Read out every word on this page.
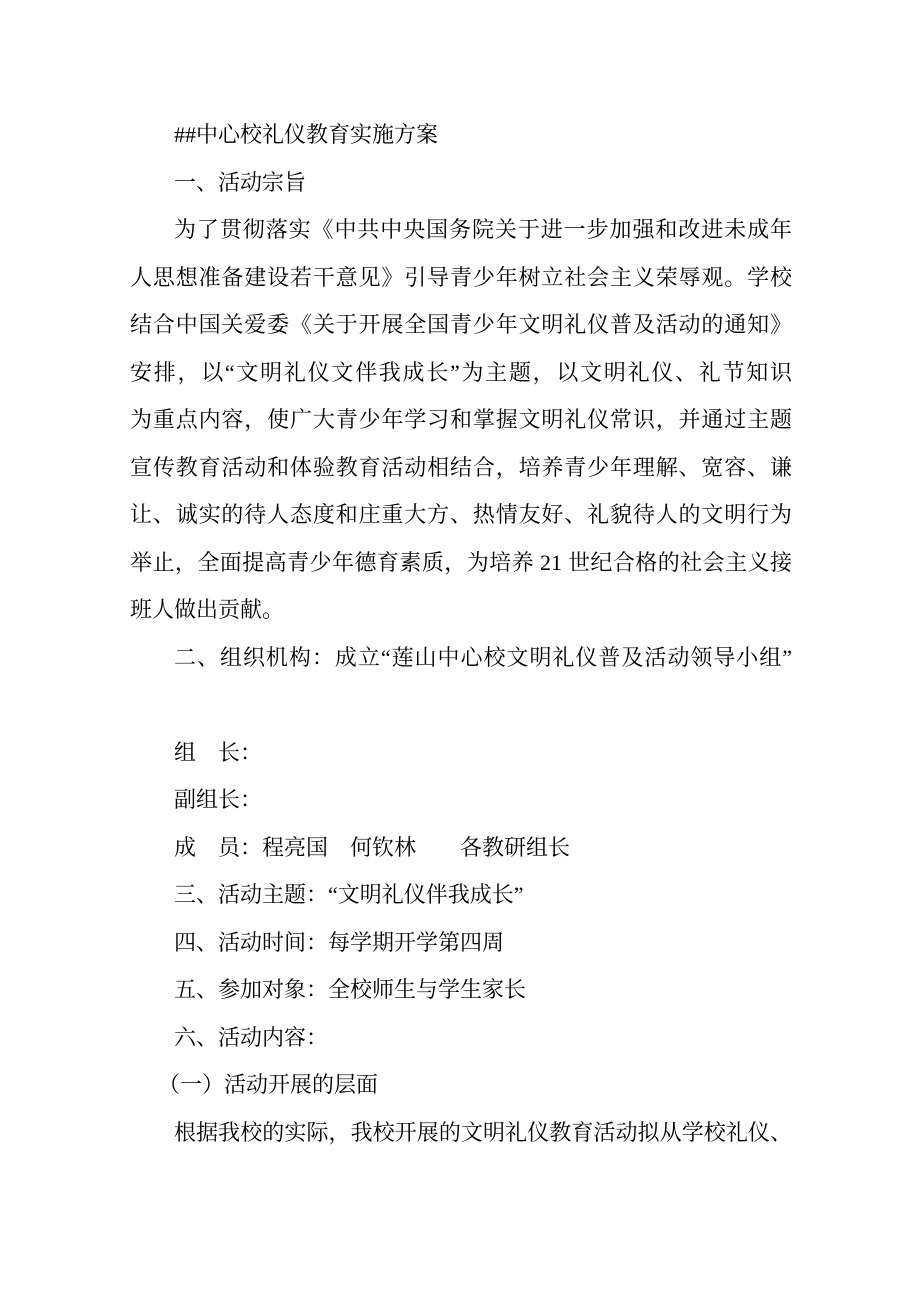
##中心校礼仪教育实施方案
一、活动宗旨
为了贯彻落实《中共中央国务院关于进一步加强和改进未成年
人思想准备建设若干意见》引导青少年树立社会主义荣辱观。学校
结合中国关爱委《关于开展全国青少年文明礼仪普及活动的通知》
安排，以“文明礼仪文伴我成长”为主题，以文明礼仪、礼节知识
为重点内容，使广大青少年学习和掌握文明礼仪常识，并通过主题
宣传教育活动和体验教育活动相结合，培养青少年理解、宽容、谦
让、诚实的待人态度和庄重大方、热情友好、礼貌待人的文明行为
举止，全面提高青少年德育素质，为培养 21 世纪合格的社会主义接
班人做出贡献。
二、组织机构：成立“莲山中心校文明礼仪普及活动领导小组”
组　长：
副组长：
成　员：程亮国　何钦林　　各教研组长
三、活动主题：“文明礼仪伴我成长”
四、活动时间：每学期开学第四周
五、参加对象：全校师生与学生家长
六、活动内容：
（一）活动开展的层面
根据我校的实际，我校开展的文明礼仪教育活动拟从学校礼仪、
